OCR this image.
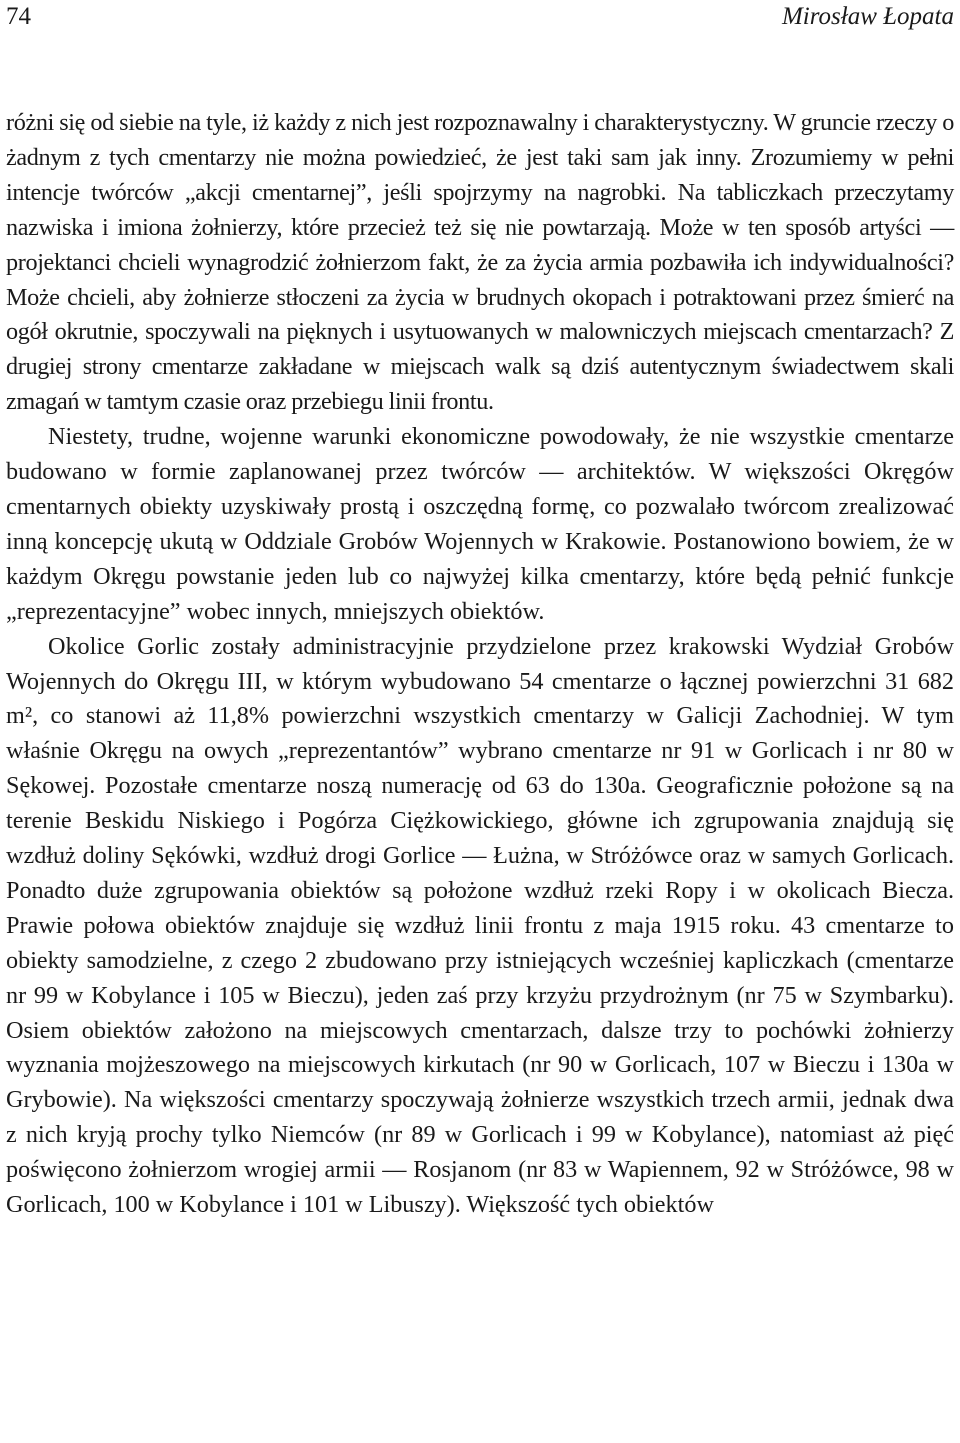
74	Mirosław Łopata

różni się od siebie na tyle, iż każdy z nich jest rozpoznawalny i charakterystyczny. W gruncie rzeczy o żadnym z tych cmentarzy nie można powiedzieć, że jest taki sam jak inny. Zrozumiemy w pełni intencje twórców „akcji cmentarnej”, jeśli spojrzymy na nagrobki. Na tabliczkach przeczytamy nazwiska i imiona żołnierzy, które przecież też się nie powtarzają. Może w ten sposób artyści — projektanci chcieli wynagrodzić żołnierzom fakt, że za życia armia pozbawiła ich indywidualności? Może chcieli, aby żołnierze stłoczeni za życia w brudnych okopach i potraktowani przez śmierć na ogół okrutnie, spoczywali na pięknych i usytuowanych w malowniczych miejscach cmentarzach? Z drugiej strony cmentarze zakładane w miejscach walk są dziś autentycznym świadectwem skali zmagań w tamtym czasie oraz przebiegu linii frontu.

Niestety, trudne, wojenne warunki ekonomiczne powodowały, że nie wszystkie cmentarze budowano w formie zaplanowanej przez twórców — architektów. W większości Okręgów cmentarnych obiekty uzyskiwały prostą i oszczędną formę, co pozwalało twórcom zrealizować inną koncepcję ukutą w Oddziale Grobów Wojennych w Krakowie. Postanowiono bowiem, że w każdym Okręgu powstanie jeden lub co najwyżej kilka cmentarzy, które będą pełnić funkcje „reprezentacyjne” wobec innych, mniejszych obiektów.

Okolice Gorlic zostały administracyjnie przydzielone przez krakowski Wydział Grobów Wojennych do Okręgu III, w którym wybudowano 54 cmentarze o łącznej powierzchni 31 682 m², co stanowi aż 11,8% powierzchni wszystkich cmentarzy w Galicji Zachodniej. W tym właśnie Okręgu na owych „reprezentantów” wybrano cmentarze nr 91 w Gorlicach i nr 80 w Sękowej. Pozostałe cmentarze noszą numerację od 63 do 130a. Geograficznie położone są na terenie Beskidu Niskiego i Pogórza Ciężkowickiego, główne ich zgrupowania znajdują się wzdłuż doliny Sękówki, wzdłuż drogi Gorlice — Łużna, w Stróżówce oraz w samych Gorlicach. Ponadto duże zgrupowania obiektów są położone wzdłuż rzeki Ropy i w okolicach Biecza. Prawie połowa obiektów znajduje się wzdłuż linii frontu z maja 1915 roku. 43 cmentarze to obiekty samodzielne, z czego 2 zbudowano przy istniejących wcześniej kapliczkach (cmentarze nr 99 w Kobylance i 105 w Bieczu), jeden zaś przy krzyżu przydrożnym (nr 75 w Szymbarku). Osiem obiektów założono na miejscowych cmentarzach, dalsze trzy to pochówki żołnierzy wyznania mojżeszowego na miejscowych kirkutach (nr 90 w Gorlicach, 107 w Bieczu i 130a w Grybowie). Na większości cmentarzy spoczywają żołnierze wszystkich trzech armii, jednak dwa z nich kryją prochy tylko Niemców (nr 89 w Gorlicach i 99 w Kobylance), natomiast aż pięć poświęcono żołnierzom wrogiej armii — Rosjanom (nr 83 w Wapiennem, 92 w Stróżówce, 98 w Gorlicach, 100 w Kobylance i 101 w Libuszy). Większość tych obiektów
